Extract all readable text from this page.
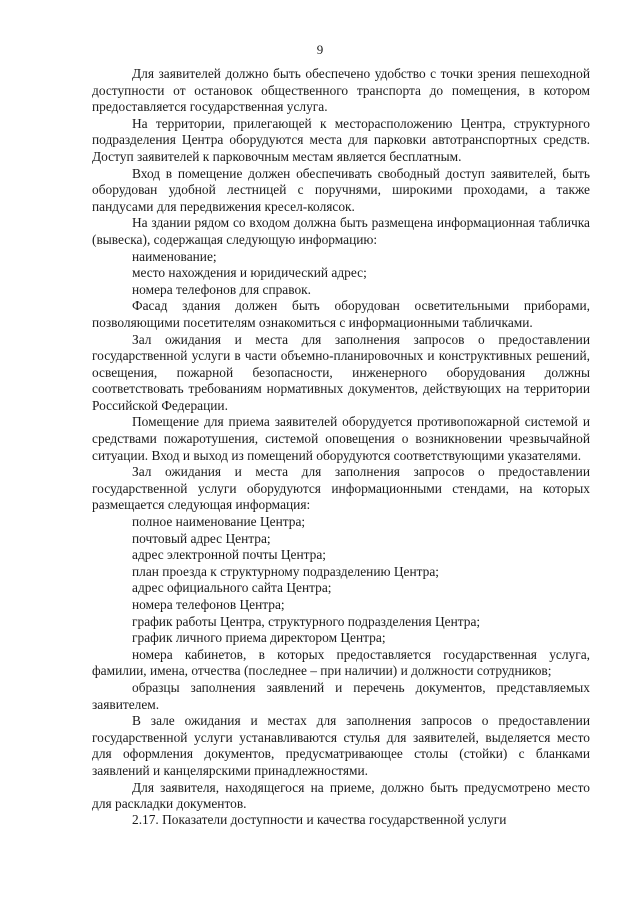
9

Для заявителей должно быть обеспечено удобство с точки зрения пешеходной доступности от остановок общественного транспорта до помещения, в котором предоставляется государственная услуга.

На территории, прилегающей к месторасположению Центра, структурного подразделения Центра оборудуются места для парковки автотранспортных средств. Доступ заявителей к парковочным местам является бесплатным.

Вход в помещение должен обеспечивать свободный доступ заявителей, быть оборудован удобной лестницей с поручнями, широкими проходами, а также пандусами для передвижения кресел-колясок.

На здании рядом со входом должна быть размещена информационная табличка (вывеска), содержащая следующую информацию:

наименование;

место нахождения и юридический адрес;

номера телефонов для справок.

Фасад здания должен быть оборудован осветительными приборами, позволяющими посетителям ознакомиться с информационными табличками.

Зал ожидания и места для заполнения запросов о предоставлении государственной услуги в части объемно-планировочных и конструктивных решений, освещения, пожарной безопасности, инженерного оборудования должны соответствовать требованиям нормативных документов, действующих на территории Российской Федерации.

Помещение для приема заявителей оборудуется противопожарной системой и средствами пожаротушения, системой оповещения о возникновении чрезвычайной ситуации. Вход и выход из помещений оборудуются соответствующими указателями.

Зал ожидания и места для заполнения запросов о предоставлении государственной услуги оборудуются информационными стендами, на которых размещается следующая информация:

полное наименование Центра;

почтовый адрес Центра;

адрес электронной почты Центра;

план проезда к структурному подразделению Центра;

адрес официального сайта Центра;

номера телефонов Центра;

график работы Центра, структурного подразделения Центра;

график личного приема директором Центра;

номера кабинетов, в которых предоставляется государственная услуга, фамилии, имена, отчества (последнее – при наличии) и должности сотрудников;

образцы заполнения заявлений и перечень документов, представляемых заявителем.

В зале ожидания и местах для заполнения запросов о предоставлении государственной услуги устанавливаются стулья для заявителей, выделяется место для оформления документов, предусматривающее столы (стойки) с бланками заявлений и канцелярскими принадлежностями.

Для заявителя, находящегося на приеме, должно быть предусмотрено место для раскладки документов.

2.17. Показатели доступности и качества государственной услуги
